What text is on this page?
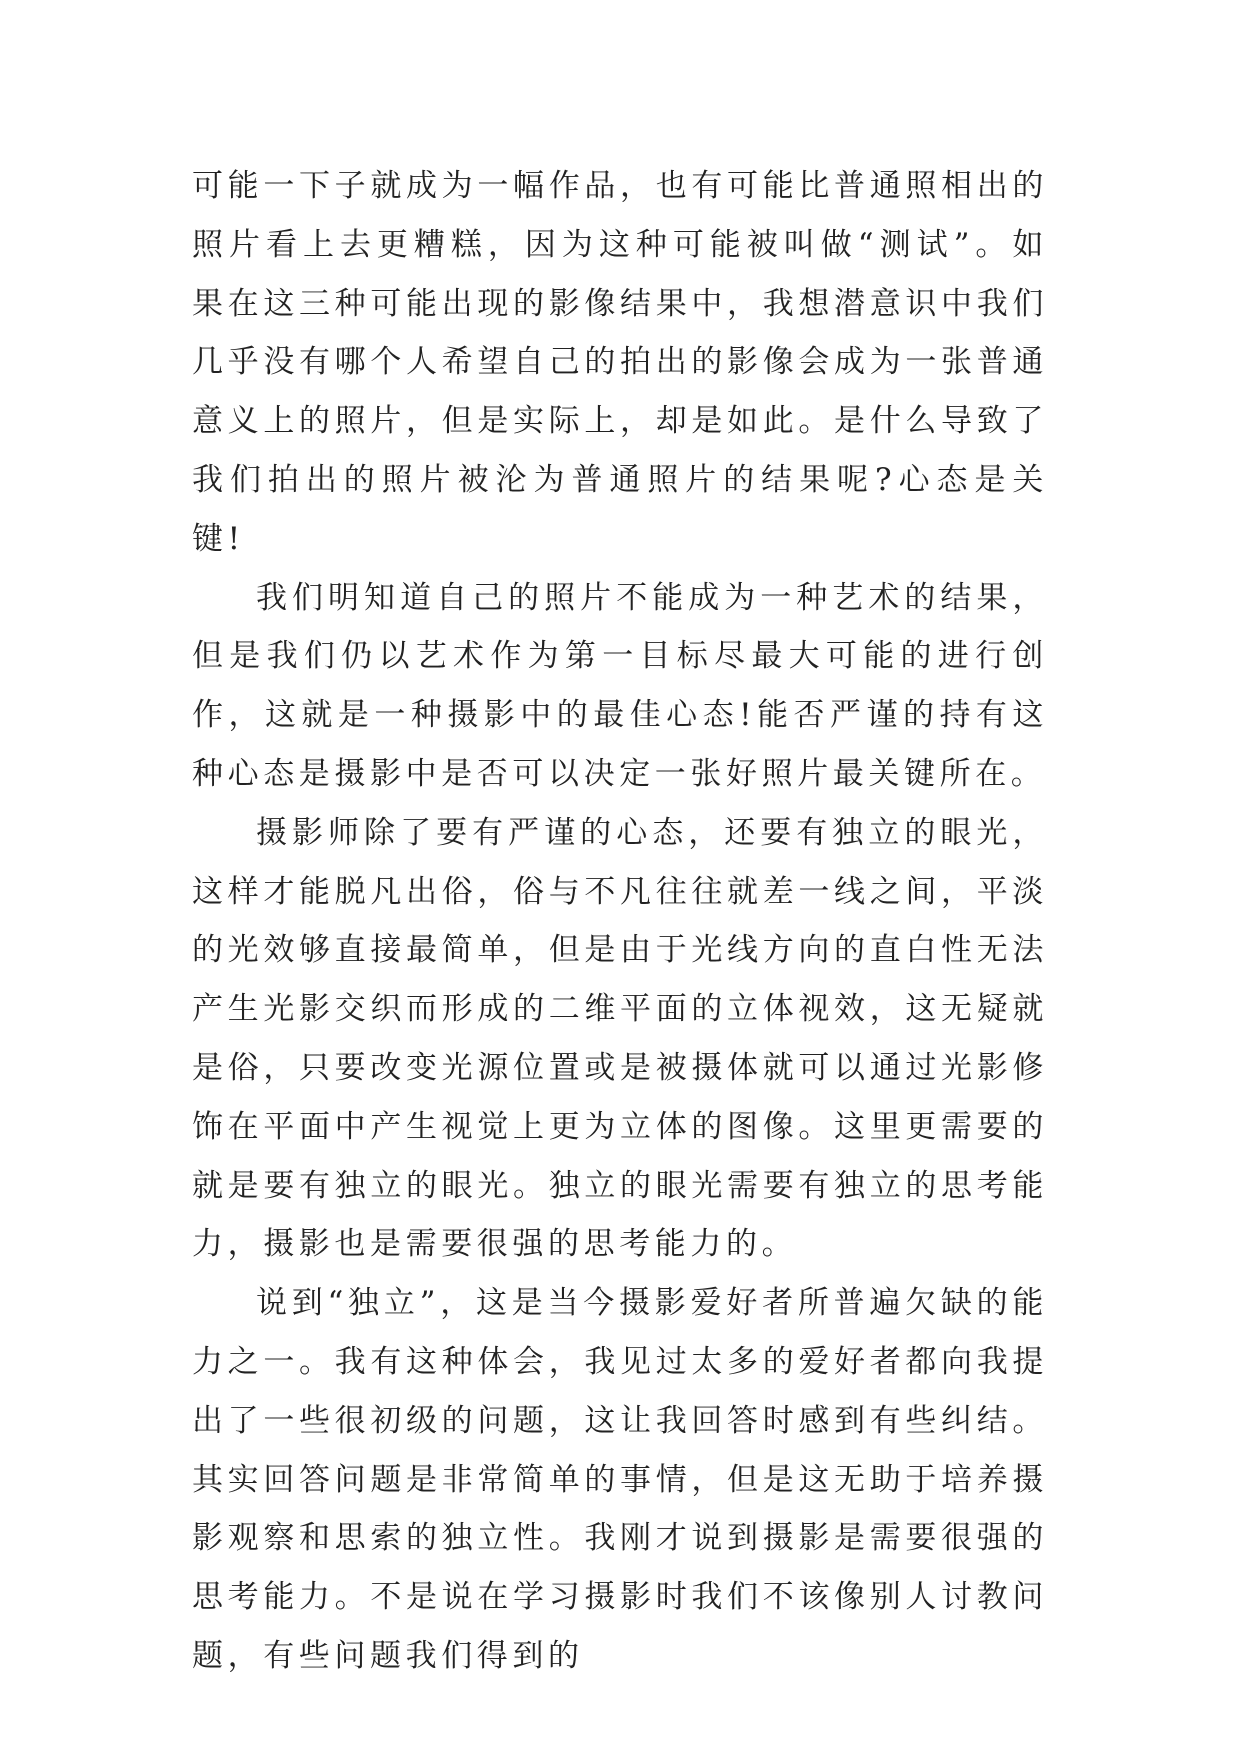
可能一下子就成为一幅作品，也有可能比普通照相出的照片看上去更糟糕，因为这种可能被叫做“测试”。如果在这三种可能出现的影像结果中，我想潜意识中我们几乎没有哪个人希望自己的拍出的影像会成为一张普通意义上的照片，但是实际上，却是如此。是什么导致了我们拍出的照片被沦为普通照片的结果呢?心态是关键!

我们明知道自己的照片不能成为一种艺术的结果，但是我们仍以艺术作为第一目标尽最大可能的进行创作，这就是一种摄影中的最佳心态!能否严谨的持有这种心态是摄影中是否可以决定一张好照片最关键所在。

摄影师除了要有严谨的心态，还要有独立的眼光，这样才能脱凡出俗，俗与不凡往往就差一线之间，平淡的光效够直接最简单，但是由于光线方向的直白性无法产生光影交织而形成的二维平面的立体视效，这无疑就是俗，只要改变光源位置或是被摄体就可以通过光影修饰在平面中产生视觉上更为立体的图像。这里更需要的就是要有独立的眼光。独立的眼光需要有独立的思考能力，摄影也是需要很强的思考能力的。

说到“独立”，这是当今摄影爱好者所普遍欠缺的能力之一。我有这种体会，我见过太多的爱好者都向我提出了一些很初级的问题，这让我回答时感到有些纠结。其实回答问题是非常简单的事情，但是这无助于培养摄影观察和思索的独立性。我刚才说到摄影是需要很强的思考能力。不是说在学习摄影时我们不该像别人讨教问题，有些问题我们得到的
